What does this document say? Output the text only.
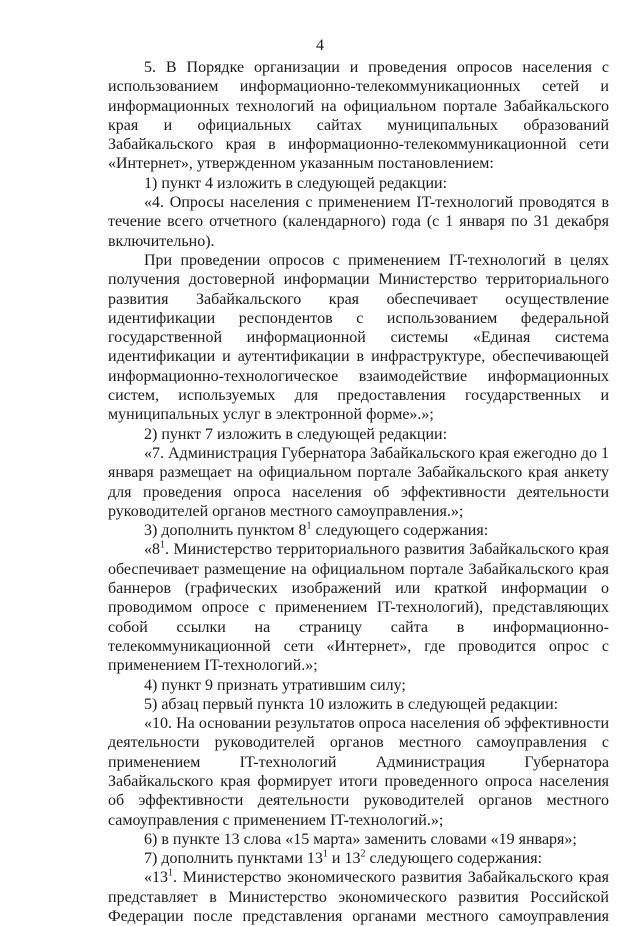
4

5. В Порядке организации и проведения опросов населения с использованием информационно-телекоммуникационных сетей и информационных технологий на официальном портале Забайкальского края и официальных сайтах муниципальных образований Забайкальского края в информационно-телекоммуникационной сети «Интернет», утвержденном указанным постановлением:

1) пункт 4 изложить в следующей редакции:

«4. Опросы населения с применением IT-технологий проводятся в течение всего отчетного (календарного) года (с 1 января по 31 декабря включительно).

При проведении опросов с применением IT-технологий в целях получения достоверной информации Министерство территориального развития Забайкальского края обеспечивает осуществление идентификации респондентов с использованием федеральной государственной информационной системы «Единая система идентификации и аутентификации в инфраструктуре, обеспечивающей информационно-технологическое взаимодействие информационных систем, используемых для предоставления государственных и муниципальных услуг в электронной форме».»;

2) пункт 7 изложить в следующей редакции:

«7. Администрация Губернатора Забайкальского края ежегодно до 1 января размещает на официальном портале Забайкальского края анкету для проведения опроса населения об эффективности деятельности руководителей органов местного самоуправления.»;

3) дополнить пунктом $8^1$ следующего содержания:

«$8^1$. Министерство территориального развития Забайкальского края обеспечивает размещение на официальном портале Забайкальского края баннеров (графических изображений или краткой информации о проводимом опросе с применением IT-технологий), представляющих собой ссылки на страницу сайта в информационно-телекоммуникационной сети «Интернет», где проводится опрос с применением IT-технологий.»;

4) пункт 9 признать утратившим силу;

5) абзац первый пункта 10 изложить в следующей редакции:

«10. На основании результатов опроса населения об эффективности деятельности руководителей органов местного самоуправления с применением IT-технологий Администрация Губернатора Забайкальского края формирует итоги проведенного опроса населения об эффективности деятельности руководителей органов местного самоуправления с применением IT-технологий.»;

6) в пункте 13 слова «15 марта» заменить словами «19 января»;

7) дополнить пунктами $13^1$ и $13^2$ следующего содержания:

«$13^1$. Министерство экономического развития Забайкальского края представляет в Министерство экономического развития Российской Федерации после представления органами местного самоуправления
